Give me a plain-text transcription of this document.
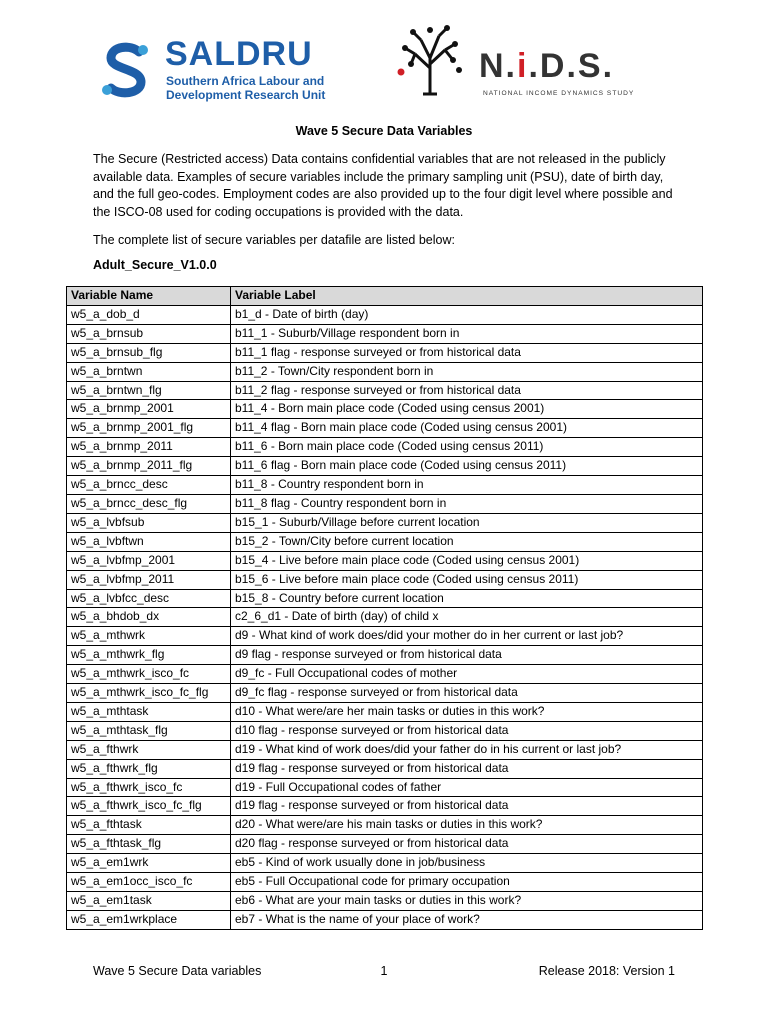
SALDRU
Southern Africa Labour and
Development Research Unit
N.i.D.S.
NATIONAL INCOME DYNAMICS STUDY
Wave 5 Secure Data Variables

The Secure (Restricted access) Data contains confidential variables that are not released in the publicly available data. Examples of secure variables include the primary sampling unit (PSU), date of birth day, and the full geo-codes. Employment codes are also provided up to the four digit level where possible and the ISCO-08 used for coding occupations is provided with the data.

The complete list of secure variables per datafile are listed below:

Adult_Secure_V1.0.0
Variable Name	Variable Label
w5_a_dob_d	b1_d - Date of birth (day)
w5_a_brnsub	b11_1 - Suburb/Village respondent born in
w5_a_brnsub_flg	b11_1 flag - response surveyed or from historical data
w5_a_brntwn	b11_2 - Town/City respondent born in
w5_a_brntwn_flg	b11_2 flag - response surveyed or from historical data
w5_a_brnmp_2001	b11_4 - Born main place code (Coded using census 2001)
w5_a_brnmp_2001_flg	b11_4 flag - Born main place code (Coded using census 2001)
w5_a_brnmp_2011	b11_6 - Born main place code (Coded using census 2011)
w5_a_brnmp_2011_flg	b11_6 flag - Born main place code (Coded using census 2011)
w5_a_brncc_desc	b11_8 - Country respondent born in
w5_a_brncc_desc_flg	b11_8 flag - Country respondent born in
w5_a_lvbfsub	b15_1 - Suburb/Village before current location
w5_a_lvbftwn	b15_2 - Town/City before current location
w5_a_lvbfmp_2001	b15_4 - Live before main place code (Coded using census 2001)
w5_a_lvbfmp_2011	b15_6 - Live before main place code (Coded using census 2011)
w5_a_lvbfcc_desc	b15_8 - Country before current location
w5_a_bhdob_dx	c2_6_d1 - Date of birth (day) of child x
w5_a_mthwrk	d9 - What kind of work does/did your mother do in her current or last job?
w5_a_mthwrk_flg	d9 flag - response surveyed or from historical data
w5_a_mthwrk_isco_fc	d9_fc - Full Occupational codes of mother
w5_a_mthwrk_isco_fc_flg	d9_fc flag - response surveyed or from historical data
w5_a_mthtask	d10 - What were/are her main tasks or duties in this work?
w5_a_mthtask_flg	d10 flag - response surveyed or from historical data
w5_a_fthwrk	d19 - What kind of work does/did your father do in his current or last job?
w5_a_fthwrk_flg	d19 flag - response surveyed or from historical data
w5_a_fthwrk_isco_fc	d19 - Full Occupational codes of father
w5_a_fthwrk_isco_fc_flg	d19 flag - response surveyed or from historical data
w5_a_fthtask	d20 - What were/are his main tasks or duties in this work?
w5_a_fthtask_flg	d20 flag - response surveyed or from historical data
w5_a_em1wrk	eb5 - Kind of work usually done in job/business
w5_a_em1occ_isco_fc	eb5 - Full Occupational code for primary occupation
w5_a_em1task	eb6 - What are your main tasks or duties in this work?
w5_a_em1wrkplace	eb7 - What is the name of your place of work?
Wave 5 Secure Data variables	1	Release 2018: Version 1
